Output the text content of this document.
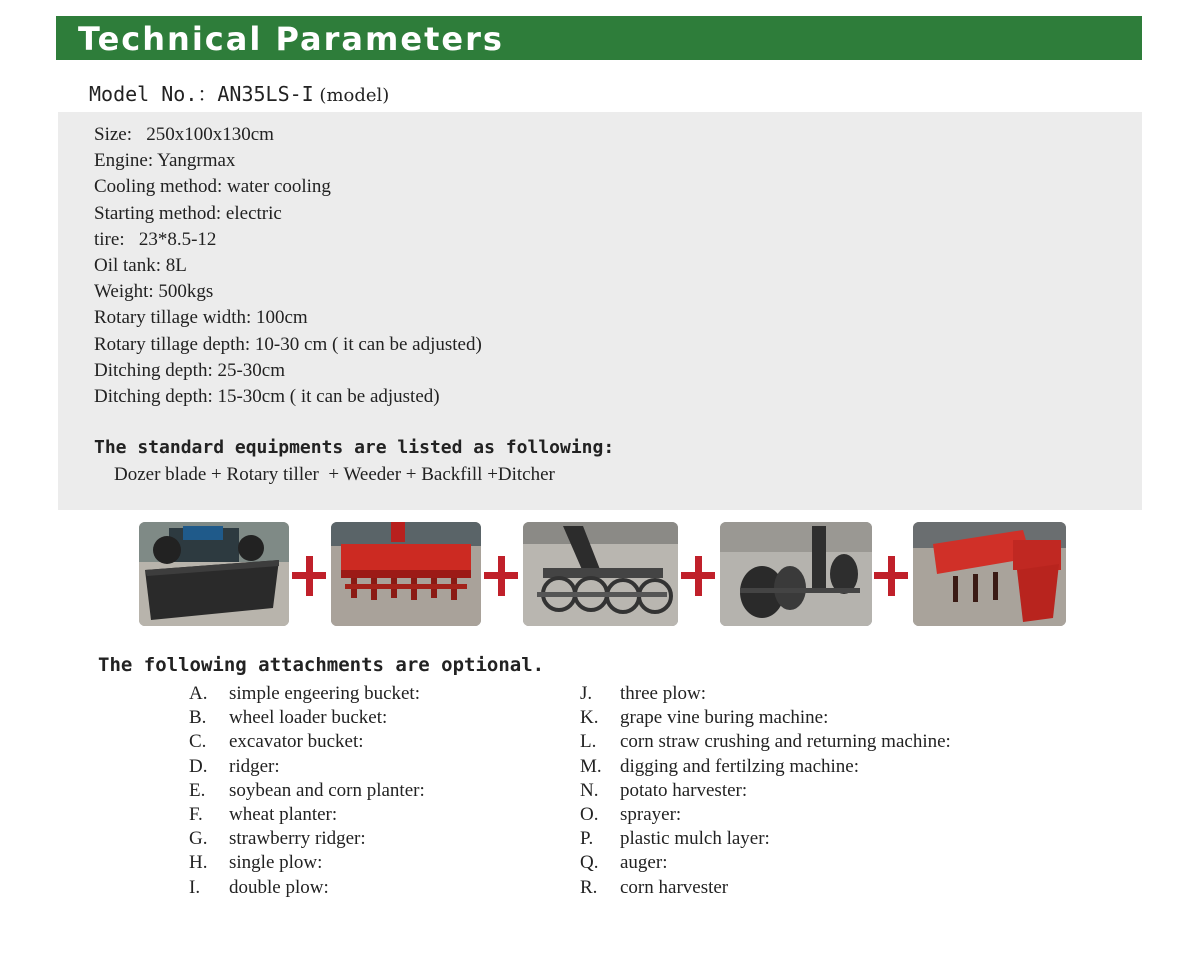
Technical Parameters
Model No.：AN35LS-I (model)
Size:   250x100x130cm
Engine: Yangrmax
Cooling method: water cooling
Starting method: electric
tire:   23*8.5-12
Oil tank: 8L
Weight: 500kgs
Rotary tillage width: 100cm
Rotary tillage depth: 10-30 cm ( it can be adjusted)
Ditching depth: 25-30cm
Ditching depth: 15-30cm ( it can be adjusted)
The standard equipments are listed as following:
Dozer blade + Rotary tiller  + Weeder + Backfill +Ditcher
The following attachments are optional.
A. simple engeering bucket:
B. wheel loader bucket:
C. excavator bucket:
D. ridger:
E. soybean and corn planter:
F. wheat planter:
G. strawberry ridger:
H. single plow:
I. double plow:
J. three plow:
K. grape vine buring machine:
L. corn straw crushing and returning machine:
M. digging and fertilzing machine:
N. potato harvester:
O. sprayer:
P. plastic mulch layer:
Q. auger:
R. corn harvester
